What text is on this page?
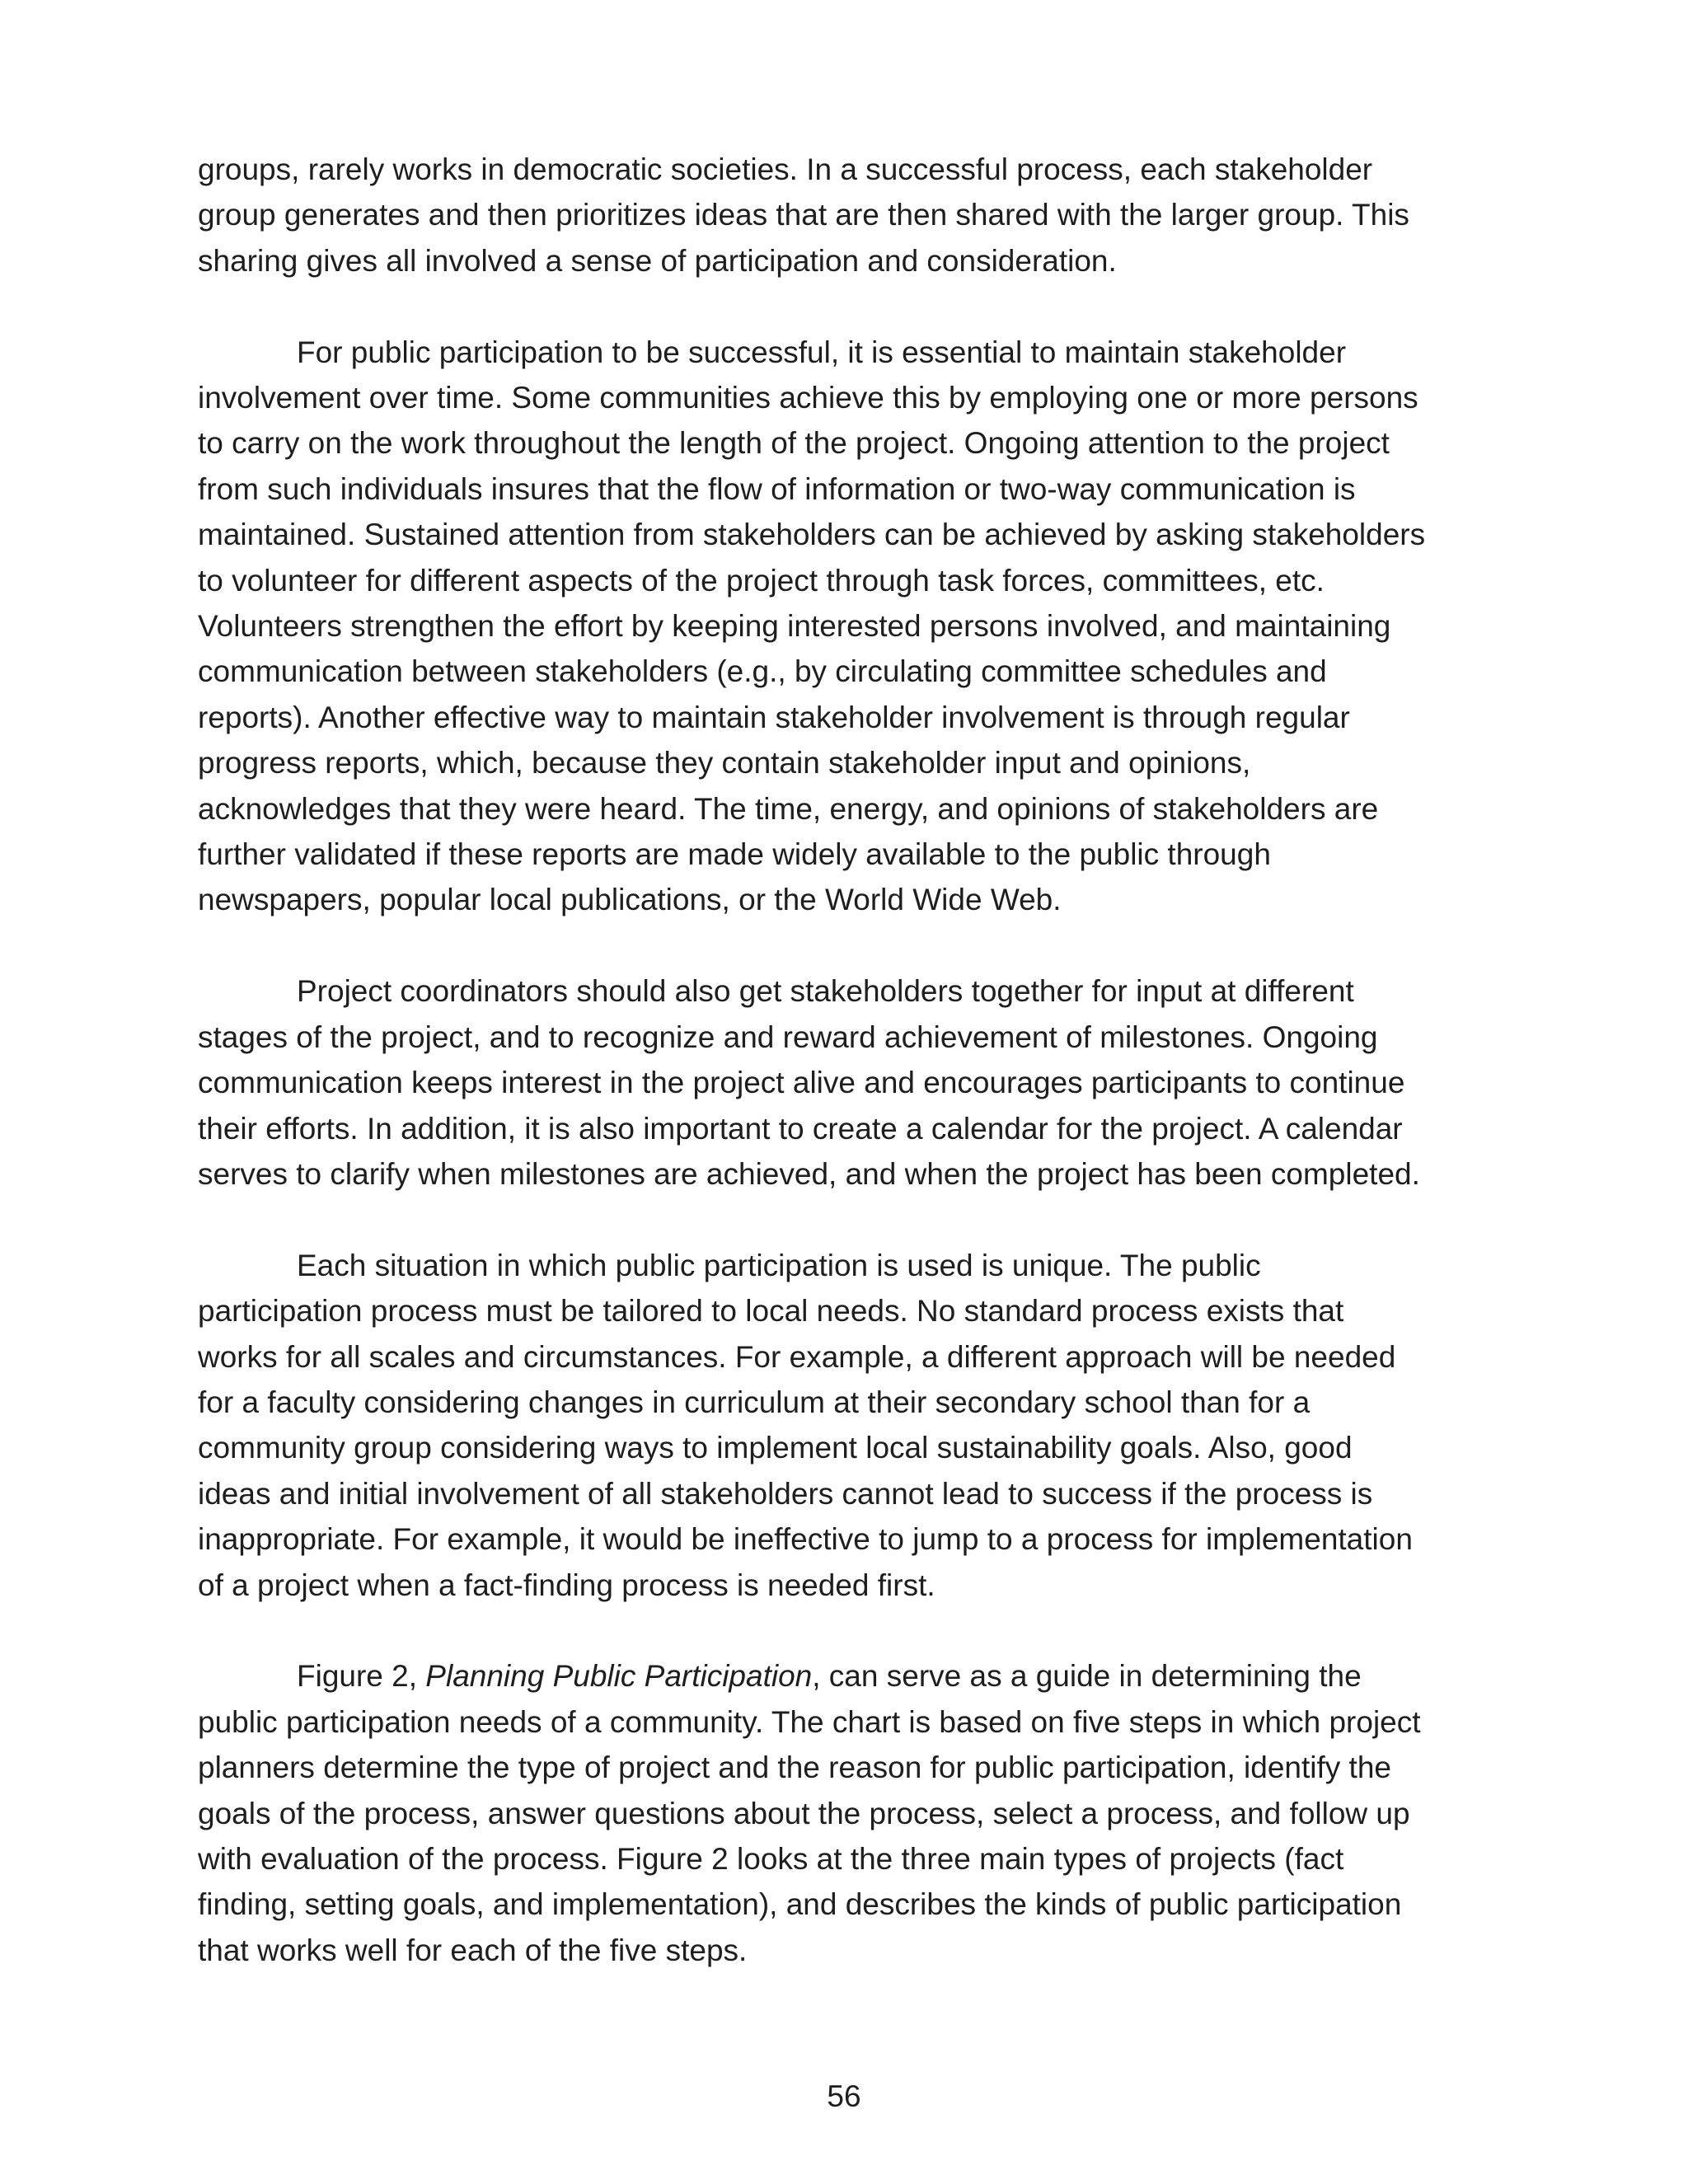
groups, rarely works in democratic societies. In a successful process, each stakeholder
group generates and then prioritizes ideas that are then shared with the larger group. This
sharing gives all involved a sense of participation and consideration.

For public participation to be successful, it is essential to maintain stakeholder
involvement over time. Some communities achieve this by employing one or more persons
to carry on the work throughout the length of the project. Ongoing attention to the project
from such individuals insures that the flow of information or two-way communication is
maintained. Sustained attention from stakeholders can be achieved by asking stakeholders
to volunteer for different aspects of the project through task forces, committees, etc.
Volunteers strengthen the effort by keeping interested persons involved, and maintaining
communication between stakeholders (e.g., by circulating committee schedules and
reports). Another effective way to maintain stakeholder involvement is through regular
progress reports, which, because they contain stakeholder input and opinions,
acknowledges that they were heard. The time, energy, and opinions of stakeholders are
further validated if these reports are made widely available to the public through
newspapers, popular local publications, or the World Wide Web.

Project coordinators should also get stakeholders together for input at different
stages of the project, and to recognize and reward achievement of milestones. Ongoing
communication keeps interest in the project alive and encourages participants to continue
their efforts. In addition, it is also important to create a calendar for the project. A calendar
serves to clarify when milestones are achieved, and when the project has been completed.

Each situation in which public participation is used is unique. The public
participation process must be tailored to local needs. No standard process exists that
works for all scales and circumstances. For example, a different approach will be needed
for a faculty considering changes in curriculum at their secondary school than for a
community group considering ways to implement local sustainability goals. Also, good
ideas and initial involvement of all stakeholders cannot lead to success if the process is
inappropriate. For example, it would be ineffective to jump to a process for implementation
of a project when a fact-finding process is needed first.

Figure 2, Planning Public Participation, can serve as a guide in determining the
public participation needs of a community. The chart is based on five steps in which project
planners determine the type of project and the reason for public participation, identify the
goals of the process, answer questions about the process, select a process, and follow up
with evaluation of the process. Figure 2 looks at the three main types of projects (fact
finding, setting goals, and implementation), and describes the kinds of public participation
that works well for each of the five steps.

56
